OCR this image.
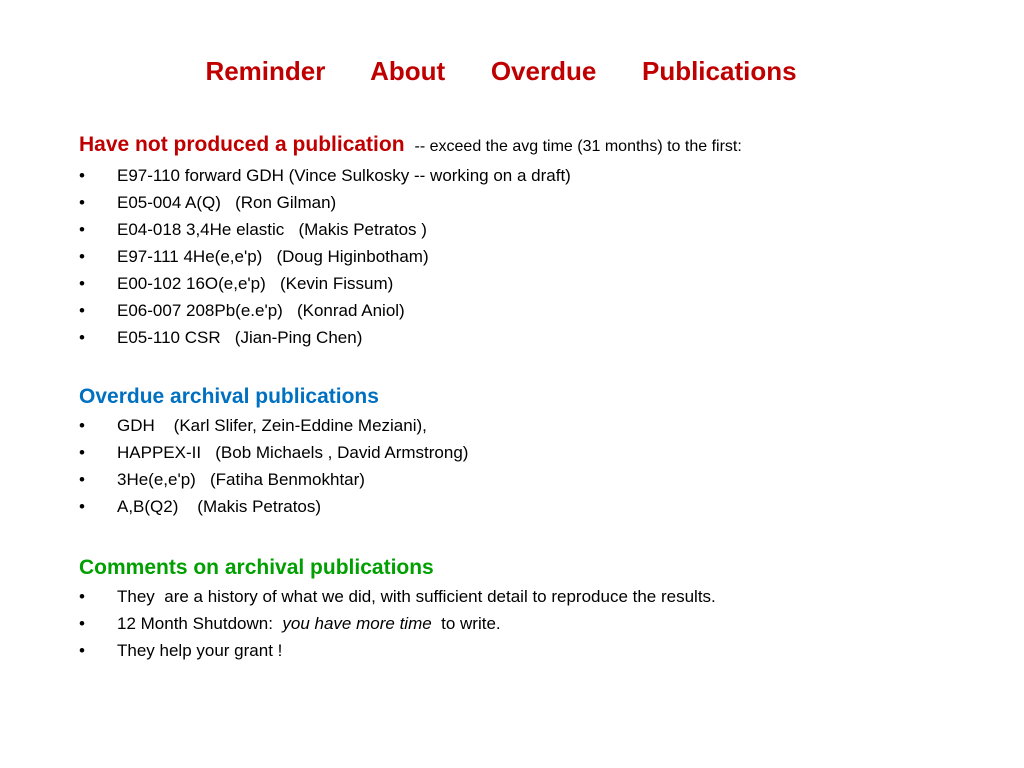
Reminder   About   Overdue   Publications
Have not produced a publication -- exceed the avg time (31 months) to the first:
• E97-110 forward GDH (Vince Sulkosky -- working on a draft)
• E05-004 A(Q)   (Ron Gilman)
• E04-018 3,4He elastic   (Makis Petratos )
• E97-111 4He(e,e'p)   (Doug Higinbotham)
• E00-102 16O(e,e'p)   (Kevin Fissum)
• E06-007 208Pb(e.e'p)   (Konrad Aniol)
• E05-110 CSR   (Jian-Ping Chen)
Overdue archival publications
• GDH    (Karl Slifer, Zein-Eddine Meziani),
• HAPPEX-II   (Bob Michaels , David Armstrong)
• 3He(e,e'p)   (Fatiha Benmokhtar)
• A,B(Q2)    (Makis Petratos)
Comments on archival publications
• They  are a history of what we did, with sufficient detail to reproduce the results.
• 12 Month Shutdown:  you have more time  to write.
• They help your grant !
